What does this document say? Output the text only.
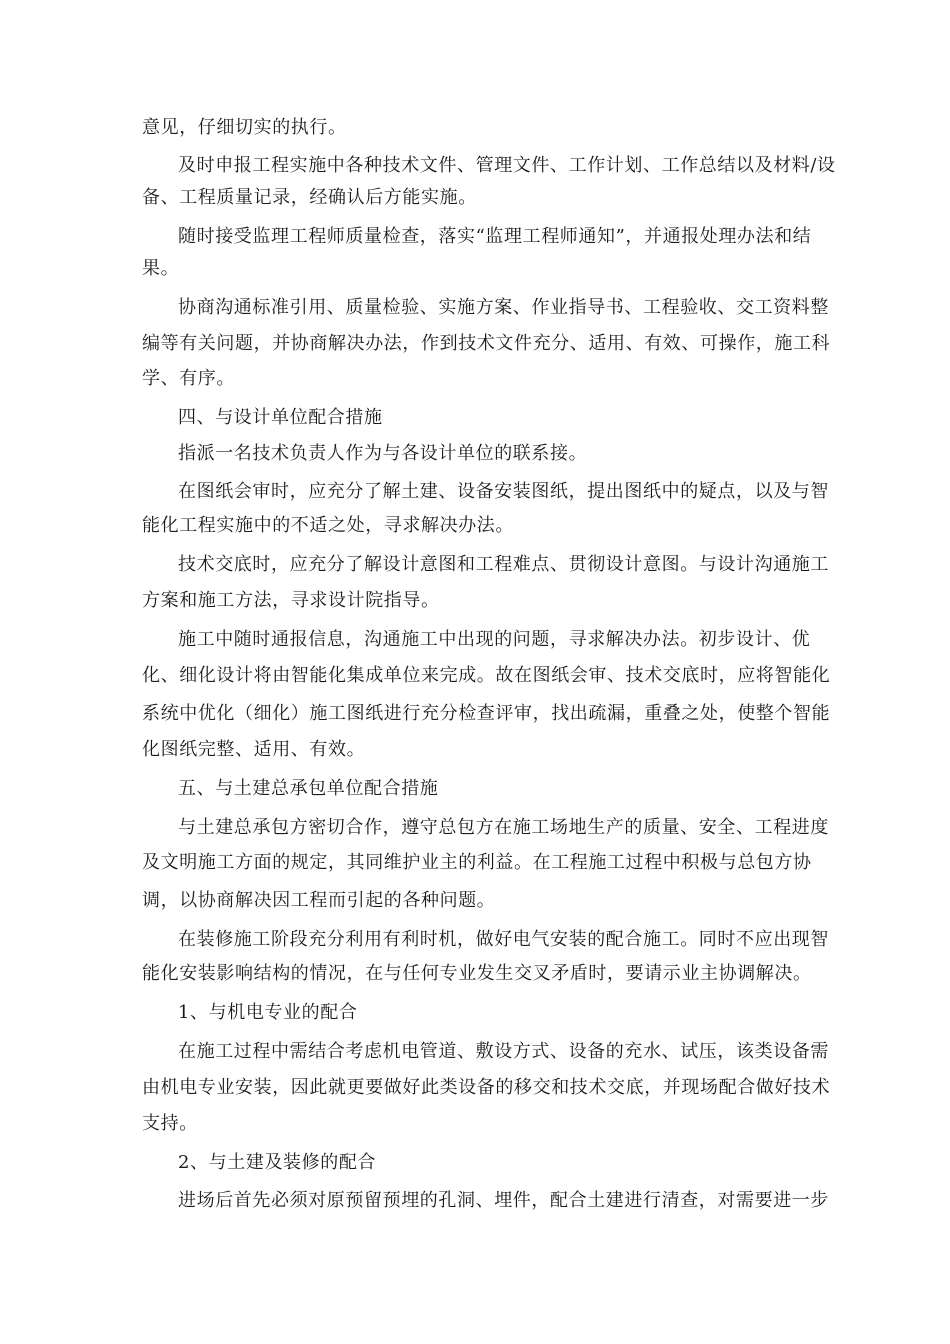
意见，仔细切实的执行。
及时申报工程实施中各种技术文件、管理文件、工作计划、工作总结以及材料/设
备、工程质量记录，经确认后方能实施。
随时接受监理工程师质量检查，落实“监理工程师通知”，并通报处理办法和结
果。
协商沟通标准引用、质量检验、实施方案、作业指导书、工程验收、交工资料整
编等有关问题，并协商解决办法，作到技术文件充分、适用、有效、可操作，施工科
学、有序。
四、与设计单位配合措施
指派一名技术负责人作为与各设计单位的联系接。
在图纸会审时，应充分了解土建、设备安装图纸，提出图纸中的疑点，以及与智
能化工程实施中的不适之处，寻求解决办法。
技术交底时，应充分了解设计意图和工程难点、贯彻设计意图。与设计沟通施工
方案和施工方法，寻求设计院指导。
施工中随时通报信息，沟通施工中出现的问题，寻求解决办法。初步设计、优
化、细化设计将由智能化集成单位来完成。故在图纸会审、技术交底时，应将智能化
系统中优化（细化）施工图纸进行充分检查评审，找出疏漏，重叠之处，使整个智能
化图纸完整、适用、有效。
五、与土建总承包单位配合措施
与土建总承包方密切合作，遵守总包方在施工场地生产的质量、安全、工程进度
及文明施工方面的规定，其同维护业主的利益。在工程施工过程中积极与总包方协
调，以协商解决因工程而引起的各种问题。
在装修施工阶段充分利用有利时机，做好电气安装的配合施工。同时不应出现智
能化安装影响结构的情况，在与任何专业发生交叉矛盾时，要请示业主协调解决。
1、与机电专业的配合
在施工过程中需结合考虑机电管道、敷设方式、设备的充水、试压，该类设备需
由机电专业安装，因此就更要做好此类设备的移交和技术交底，并现场配合做好技术
支持。
2、与土建及装修的配合
进场后首先必须对原预留预埋的孔洞、埋件，配合土建进行清查，对需要进一步
